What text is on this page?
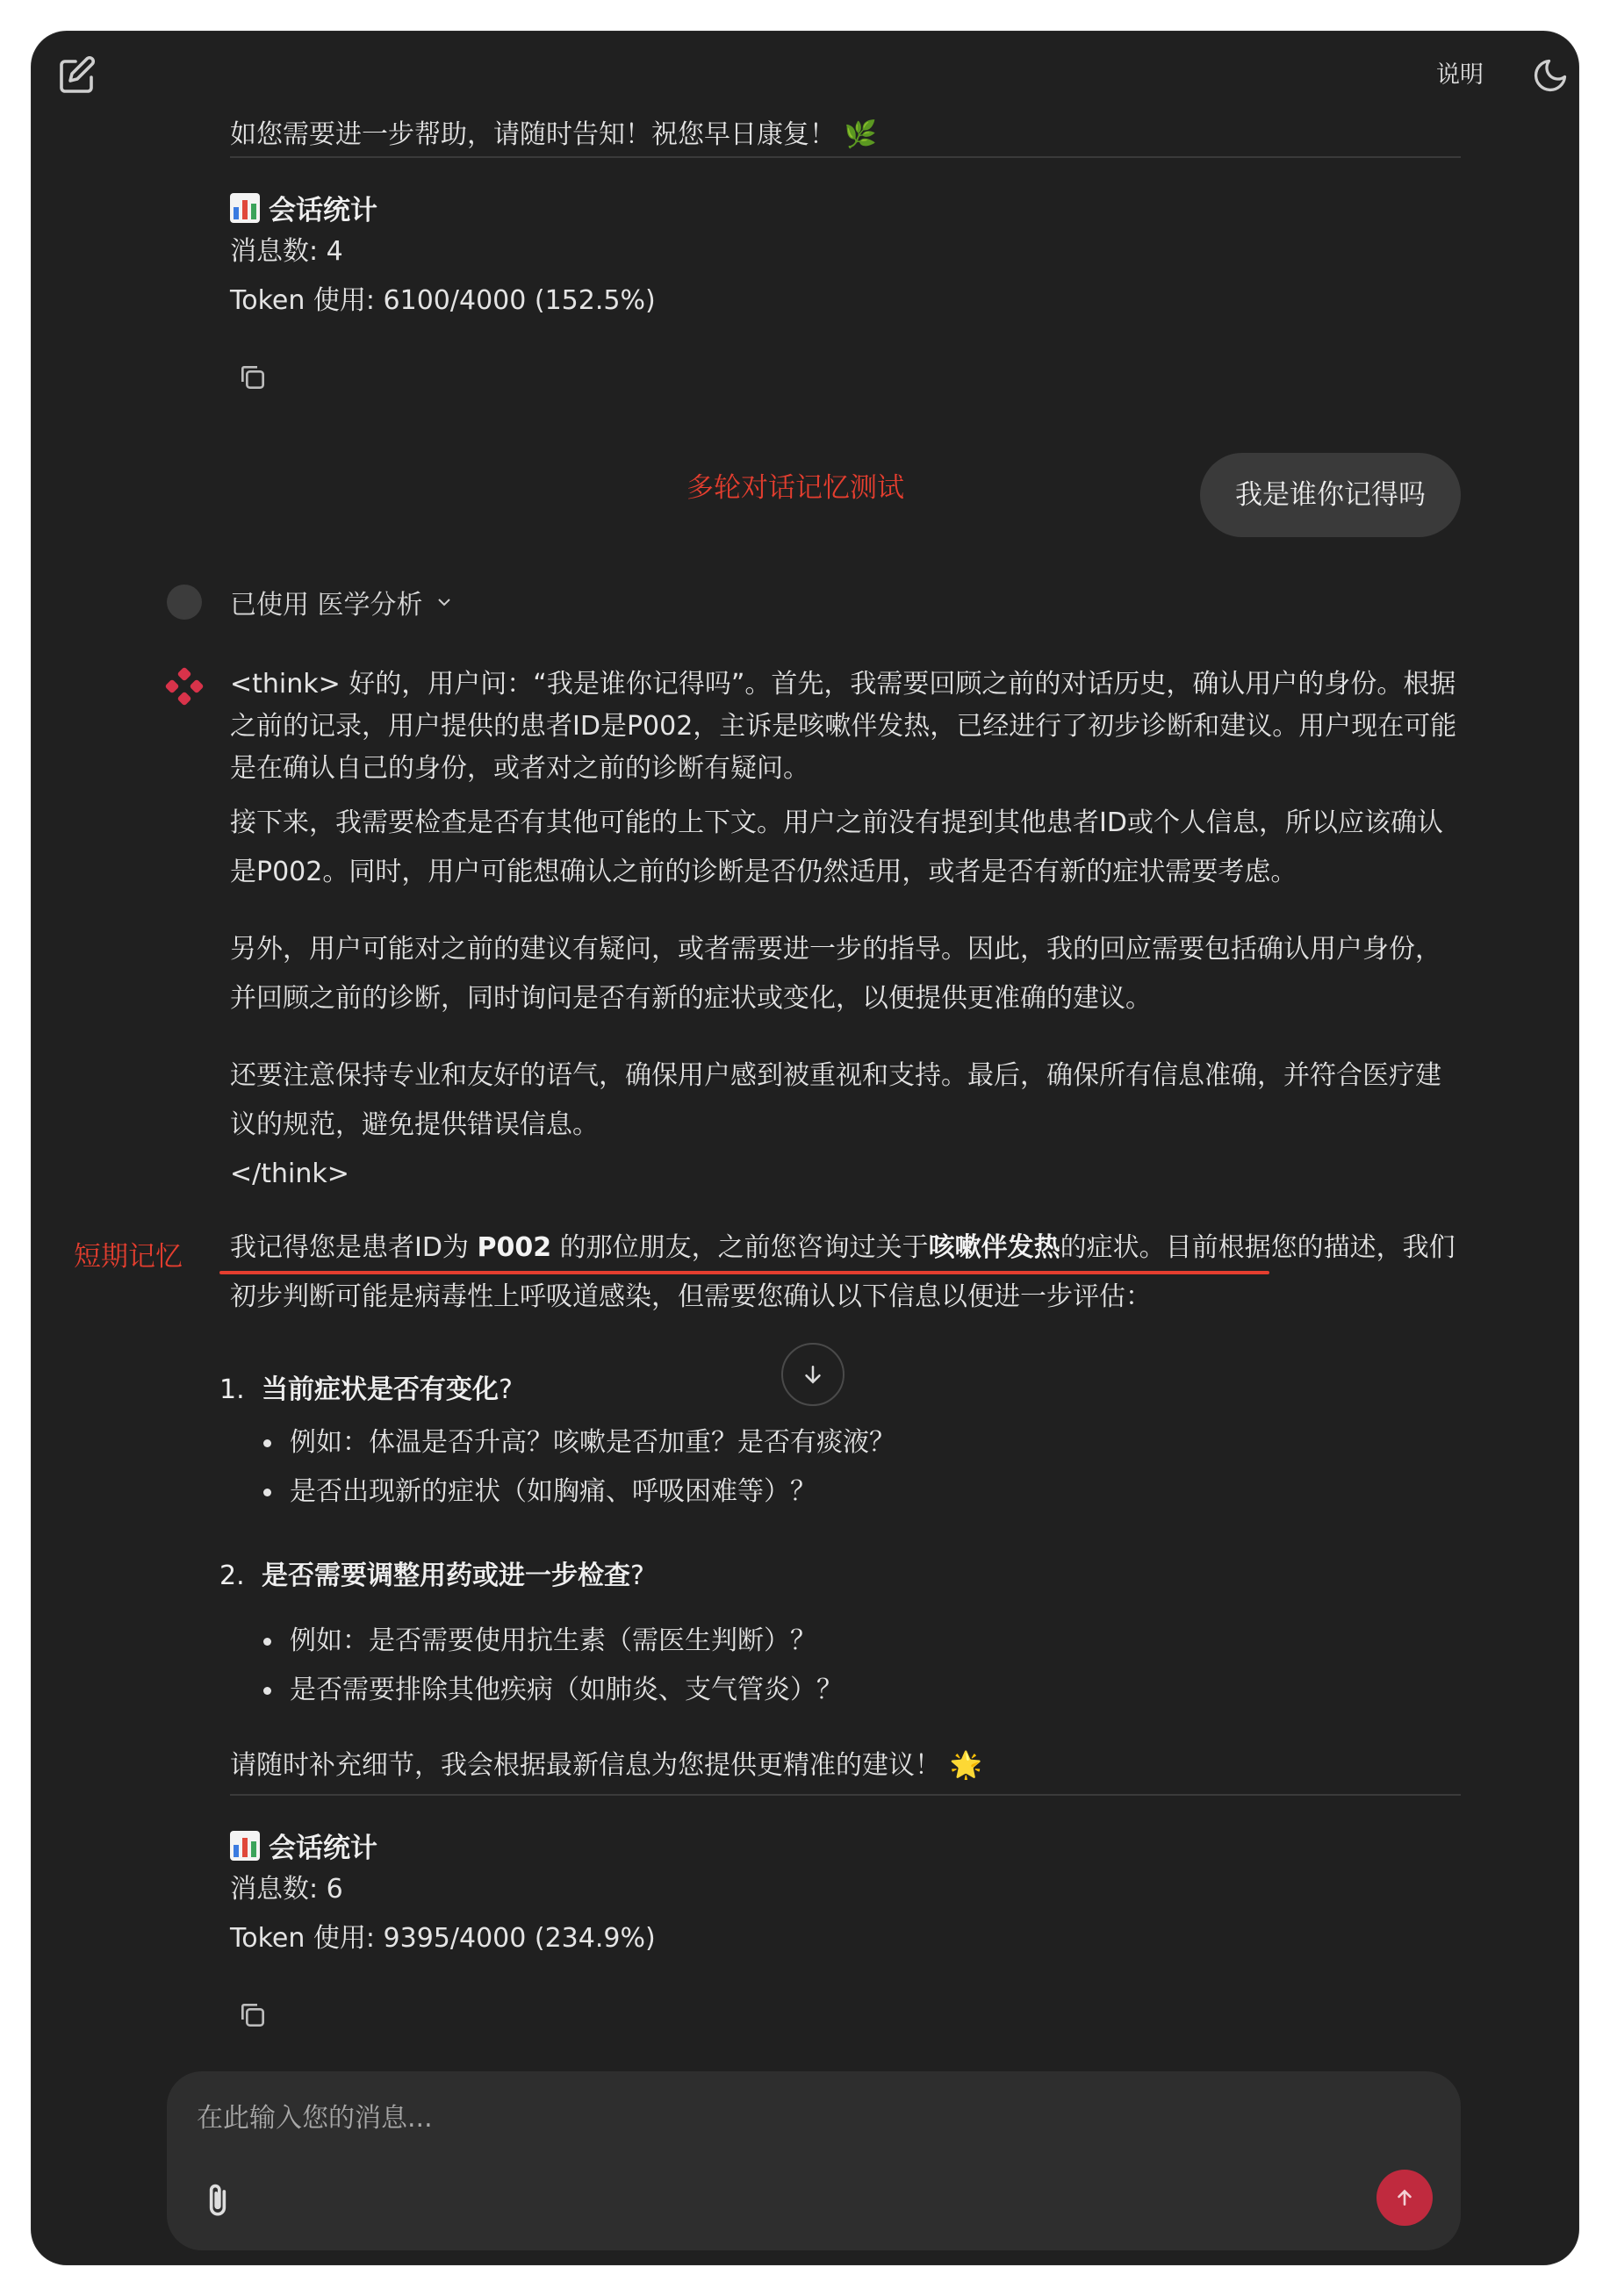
说明
如您需要进一步帮助，请随时告知！祝您早日康复！ 🌿
会话统计
消息数: 4
Token 使用: 6100/4000 (152.5%)
多轮对话记忆测试	我是谁你记得吗
已使用 医学分析
<think> 好的，用户问：“我是谁你记得吗”。首先，我需要回顾之前的对话历史，确认用户的身份。根据之前的记录，用户提供的患者ID是P002，主诉是咳嗽伴发热，已经进行了初步诊断和建议。用户现在可能是在确认自己的身份，或者对之前的诊断有疑问。
接下来，我需要检查是否有其他可能的上下文。用户之前没有提到其他患者ID或个人信息，所以应该确认是P002。同时，用户可能想确认之前的诊断是否仍然适用，或者是否有新的症状需要考虑。
另外，用户可能对之前的建议有疑问，或者需要进一步的指导。因此，我的回应需要包括确认用户身份，并回顾之前的诊断，同时询问是否有新的症状或变化，以便提供更准确的建议。
还要注意保持专业和友好的语气，确保用户感到被重视和支持。最后，确保所有信息准确，并符合医疗建议的规范，避免提供错误信息。
</think>
短期记忆 我记得您是患者ID为 P002 的那位朋友，之前您咨询过关于咳嗽伴发热的症状。目前根据您的描述，我们初步判断可能是病毒性上呼吸道感染，但需要您确认以下信息以便进一步评估：
1. 当前症状是否有变化?
例如：体温是否升高？咳嗽是否加重？是否有痰液？
是否出现新的症状（如胸痛、呼吸困难等）？
2. 是否需要调整用药或进一步检查?
例如：是否需要使用抗生素（需医生判断）？
是否需要排除其他疾病（如肺炎、支气管炎）？
请随时补充细节，我会根据最新信息为您提供更精准的建议！ 🌟
会话统计
消息数: 6
Token 使用: 9395/4000 (234.9%)
在此输入您的消息...
